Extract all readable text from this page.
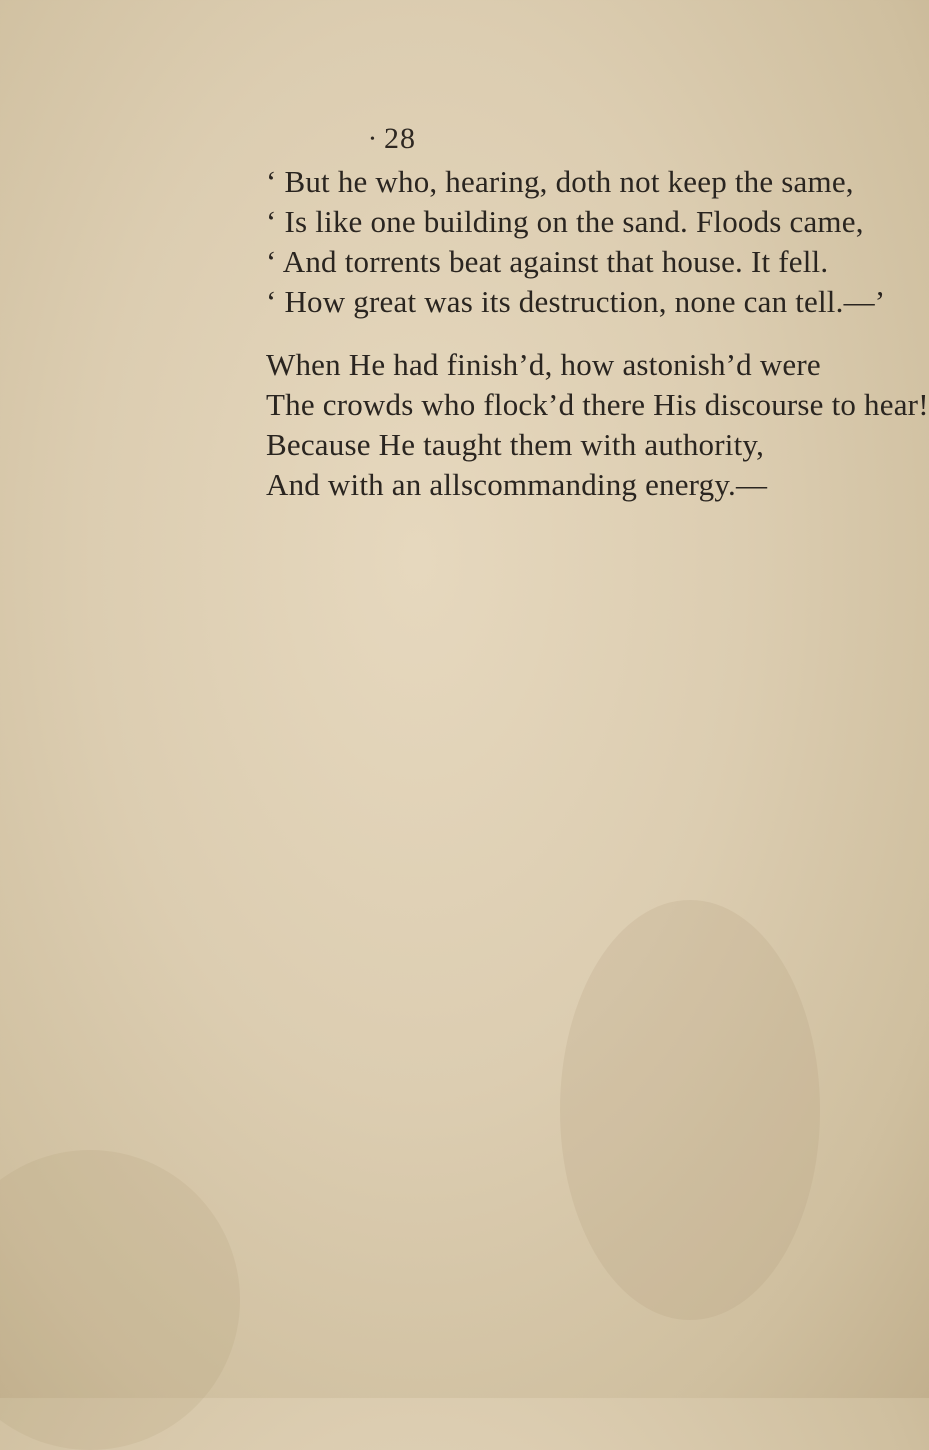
• 28
‘ But he who, hearing, doth not keep the same,
‘ Is like one building on the sand. Floods came,
‘ And torrents beat against that house. It fell.
‘ How great was its destruction, none can tell.—’
When He had finish’d, how astonish’d were
The crowds who flock’d there His discourse to hear!
Because He taught them with authority,
And with an allscommanding energy.—
